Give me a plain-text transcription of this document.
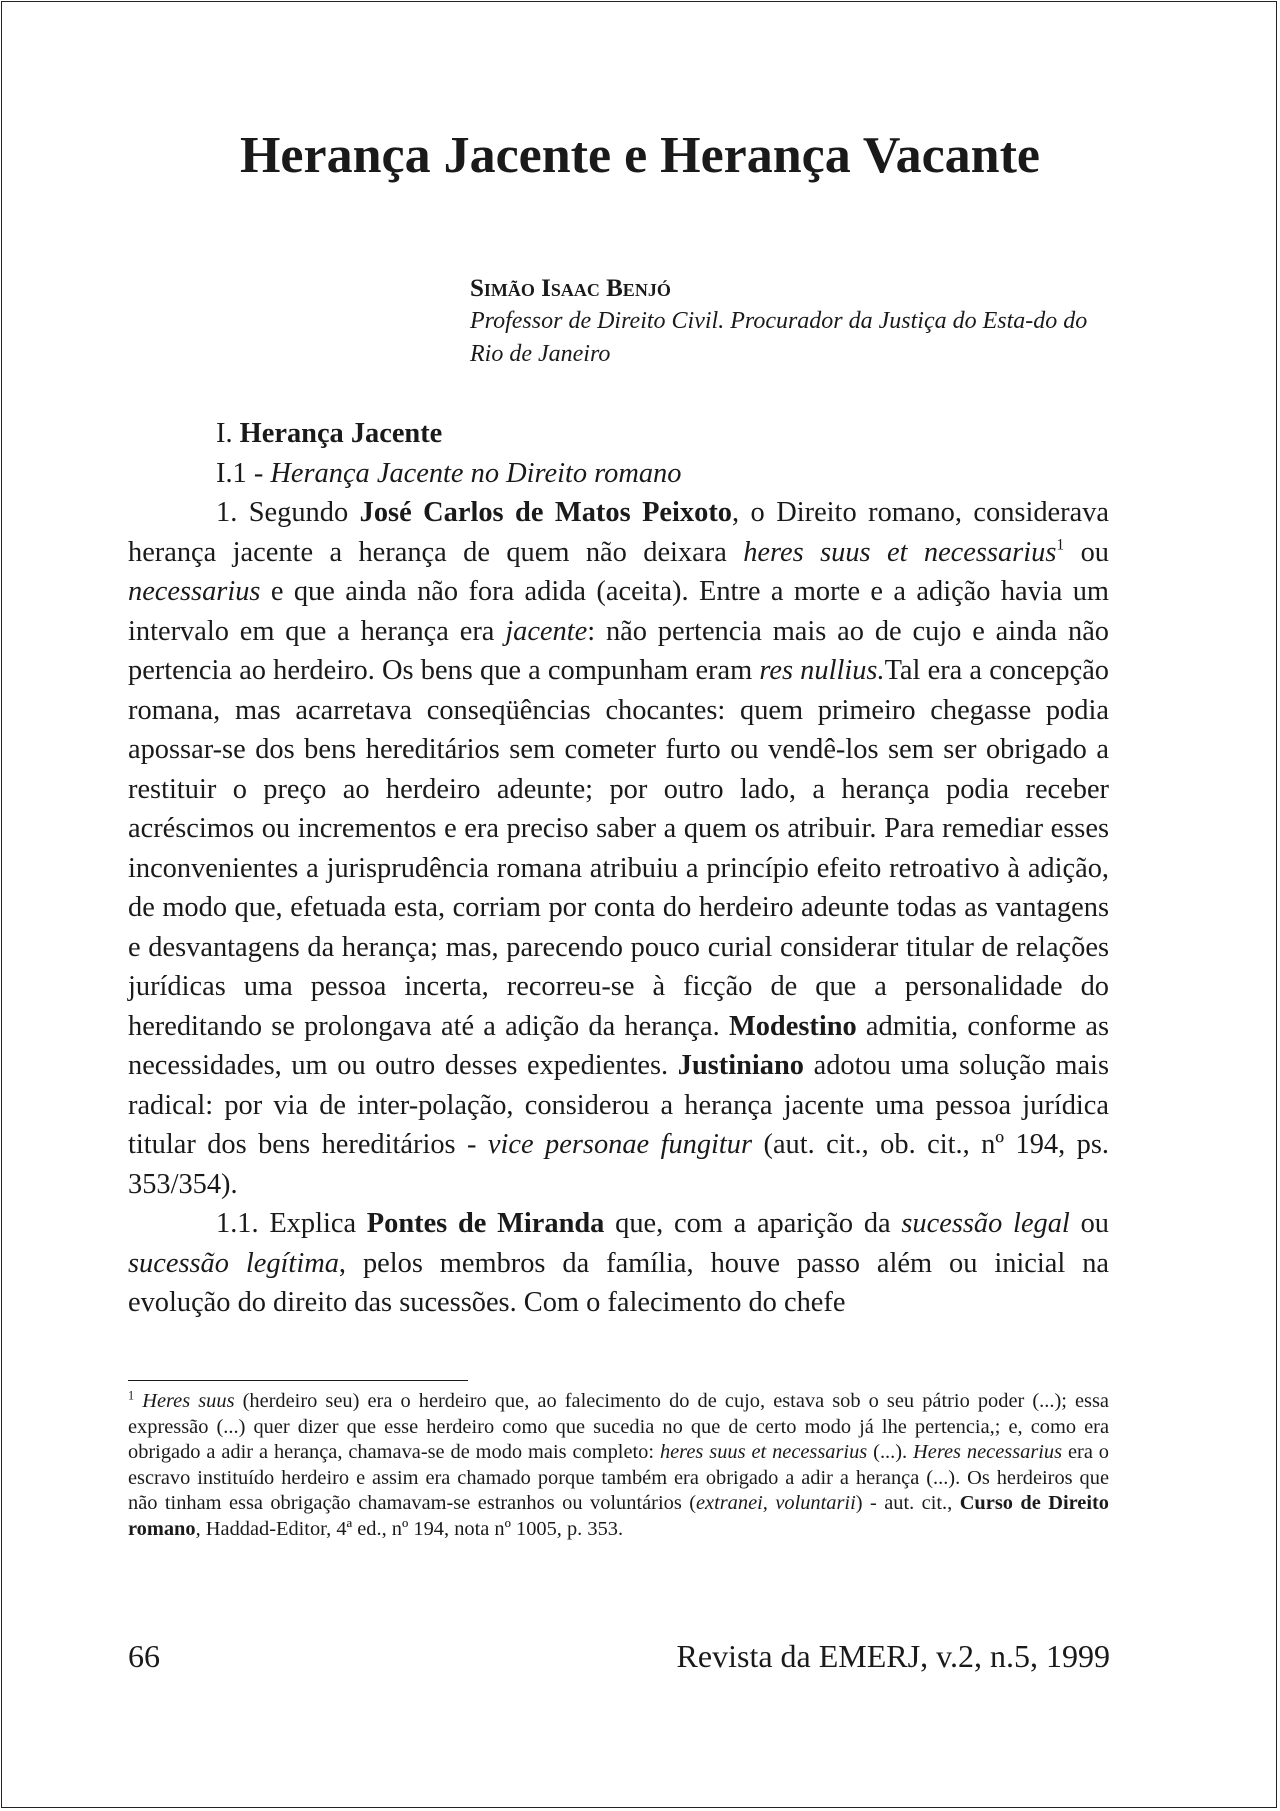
Herança Jacente e Herança Vacante
Simão Isaac Benjó
Professor de Direito Civil. Procurador da Justiça do Esta-do do Rio de Janeiro

I. Herança Jacente

I.1 - Herança Jacente no Direito romano

1. Segundo José Carlos de Matos Peixoto, o Direito romano, considerava herança jacente a herança de quem não deixara heres suus et necessarius$^1$ ou necessarius e que ainda não fora adida (aceita). Entre a morte e a adição havia um intervalo em que a herança era jacente: não pertencia mais ao de cujo e ainda não pertencia ao herdeiro. Os bens que a compunham eram res nullius.Tal era a concepção romana, mas acarretava conseqüências chocantes: quem primeiro chegasse podia apossar-se dos bens hereditários sem cometer furto ou vendê-los sem ser obrigado a restituir o preço ao herdeiro adeunte; por outro lado, a herança podia receber acréscimos ou incrementos e era preciso saber a quem os atribuir. Para remediar esses inconvenientes a jurisprudência romana atribuiu a princípio efeito retroativo à adição, de modo que, efetuada esta, corriam por conta do herdeiro adeunte todas as vantagens e desvantagens da herança; mas, parecendo pouco curial considerar titular de relações jurídicas uma pessoa incerta, recorreu-se à ficção de que a personalidade do hereditando se prolongava até a adição da herança. Modestino admitia, conforme as necessidades, um ou outro desses expedientes. Justiniano adotou uma solução mais radical: por via de inter-polação, considerou a herança jacente uma pessoa jurídica titular dos bens hereditários - vice personae fungitur (aut. cit., ob. cit., nº 194, ps. 353/354).

1.1. Explica Pontes de Miranda que, com a aparição da sucessão legal ou sucessão legítima, pelos membros da família, houve passo além ou inicial na evolução do direito das sucessões. Com o falecimento do chefe

$^1$ Heres suus (herdeiro seu) era o herdeiro que, ao falecimento do de cujo, estava sob o seu pátrio poder (...); essa expressão (...) quer dizer que esse herdeiro como que sucedia no que de certo modo já lhe pertencia,; e, como era obrigado a adir a herança, chamava-se de modo mais completo: heres suus et necessarius (...). Heres necessarius era o escravo instituído herdeiro e assim era chamado porque também era obrigado a adir a herança (...). Os herdeiros que não tinham essa obrigação chamavam-se estranhos ou voluntários (extranei, voluntarii) - aut. cit., Curso de Direito romano, Haddad-Editor, 4ª ed., nº 194, nota nº 1005, p. 353.

66	Revista da EMERJ, v.2, n.5, 1999
